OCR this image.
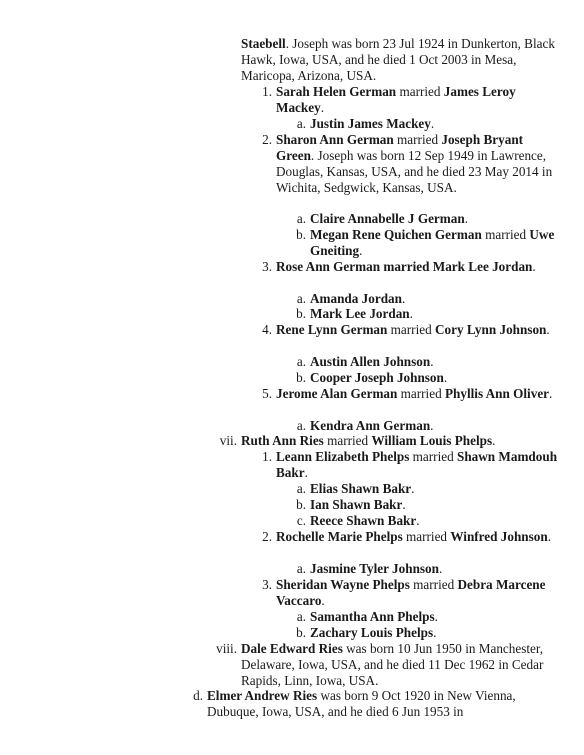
Staebell. Joseph was born 23 Jul 1924 in Dunkerton, Black Hawk, Iowa, USA, and he died 1 Oct 2003 in Mesa, Maricopa, Arizona, USA.
1. Sarah Helen German married James Leroy Mackey.
a. Justin James Mackey.
2. Sharon Ann German married Joseph Bryant Green. Joseph was born 12 Sep 1949 in Lawrence, Douglas, Kansas, USA, and he died 23 May 2014 in Wichita, Sedgwick, Kansas, USA.
a. Claire Annabelle J German.
b. Megan Rene Quichen German married Uwe Gneiting.
3. Rose Ann German married Mark Lee Jordan.
a. Amanda Jordan.
b. Mark Lee Jordan.
4. Rene Lynn German married Cory Lynn Johnson.
a. Austin Allen Johnson.
b. Cooper Joseph Johnson.
5. Jerome Alan German married Phyllis Ann Oliver.
a. Kendra Ann German.
vii. Ruth Ann Ries married William Louis Phelps.
1. Leann Elizabeth Phelps married Shawn Mamdouh Bakr.
a. Elias Shawn Bakr.
b. Ian Shawn Bakr.
c. Reece Shawn Bakr.
2. Rochelle Marie Phelps married Winfred Johnson.
a. Jasmine Tyler Johnson.
3. Sheridan Wayne Phelps married Debra Marcene Vaccaro.
a. Samantha Ann Phelps.
b. Zachary Louis Phelps.
viii. Dale Edward Ries was born 10 Jun 1950 in Manchester, Delaware, Iowa, USA, and he died 11 Dec 1962 in Cedar Rapids, Linn, Iowa, USA.
d. Elmer Andrew Ries was born 9 Oct 1920 in New Vienna, Dubuque, Iowa, USA, and he died 6 Jun 1953 in
